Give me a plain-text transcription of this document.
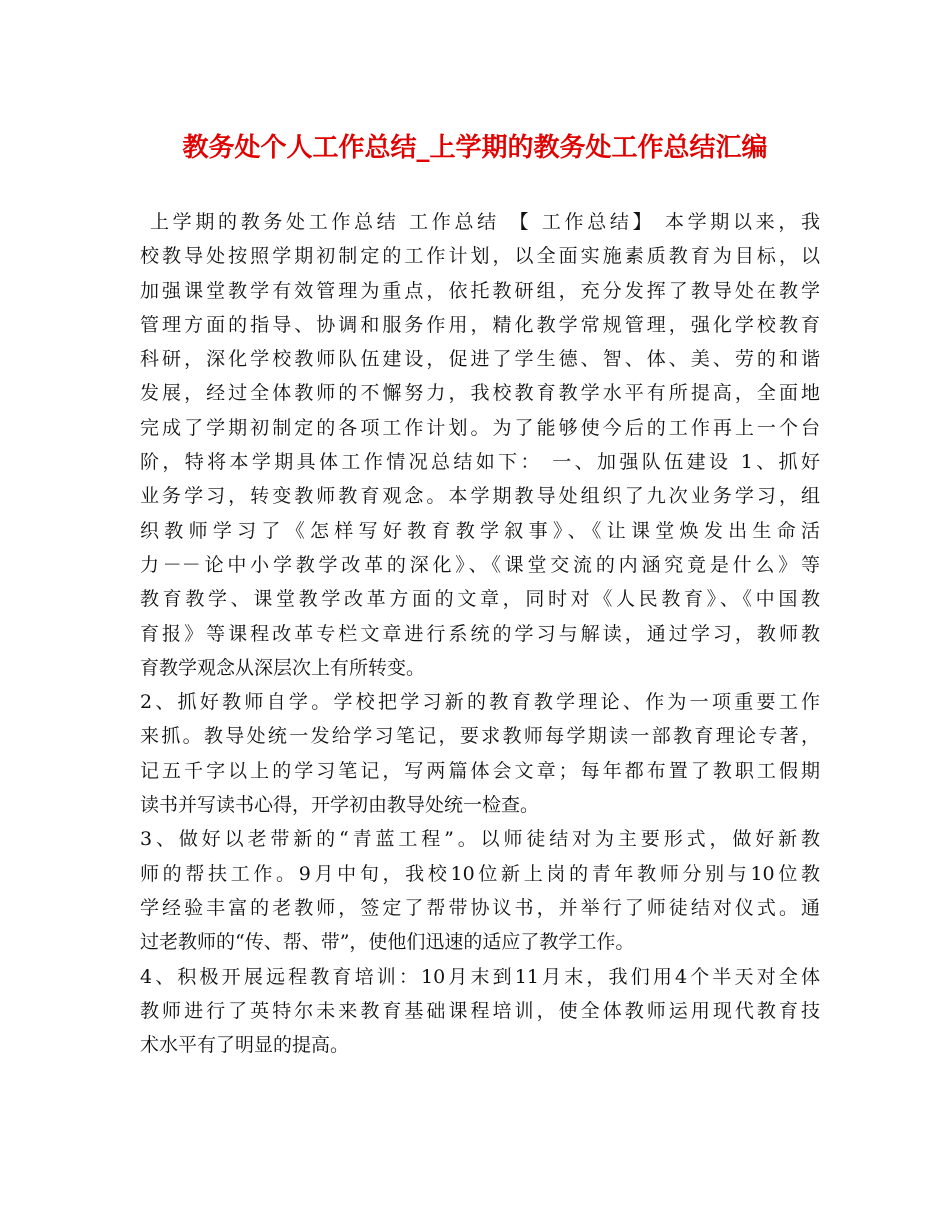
教务处个人工作总结_上学期的教务处工作总结汇编
上学期的教务处工作总结 工作总结 【 工作总结】 本学期以来，我
校教导处按照学期初制定的工作计划，以全面实施素质教育为目标，以
加强课堂教学有效管理为重点，依托教研组，充分发挥了教导处在教学
管理方面的指导、协调和服务作用，精化教学常规管理，强化学校教育
科研，深化学校教师队伍建设，促进了学生德、智、体、美、劳的和谐
发展，经过全体教师的不懈努力，我校教育教学水平有所提高，全面地
完成了学期初制定的各项工作计划。为了能够使今后的工作再上一个台
阶，特将本学期具体工作情况总结如下： 一、加强队伍建设 1、抓好
业务学习，转变教师教育观念。本学期教导处组织了九次业务学习，组
织教师学习了《怎样写好教育教学叙事》、《让课堂焕发出生命活
力－－论中小学教学改革的深化》、《课堂交流的内涵究竟是什么》等
教育教学、课堂教学改革方面的文章，同时对《人民教育》、《中国教
育报》等课程改革专栏文章进行系统的学习与解读，通过学习，教师教
育教学观念从深层次上有所转变。
2、抓好教师自学。学校把学习新的教育教学理论、作为一项重要工作
来抓。教导处统一发给学习笔记，要求教师每学期读一部教育理论专著，
记五千字以上的学习笔记，写两篇体会文章；每年都布置了教职工假期
读书并写读书心得，开学初由教导处统一检查。
3、做好以老带新的“青蓝工程”。以师徒结对为主要形式，做好新教
师的帮扶工作。9月中旬，我校10位新上岗的青年教师分别与10位教
学经验丰富的老教师，签定了帮带协议书，并举行了师徒结对仪式。通
过老教师的“传、帮、带”，使他们迅速的适应了教学工作。
4、积极开展远程教育培训：10月末到11月末，我们用4个半天对全体
教师进行了英特尔未来教育基础课程培训，使全体教师运用现代教育技
术水平有了明显的提高。
